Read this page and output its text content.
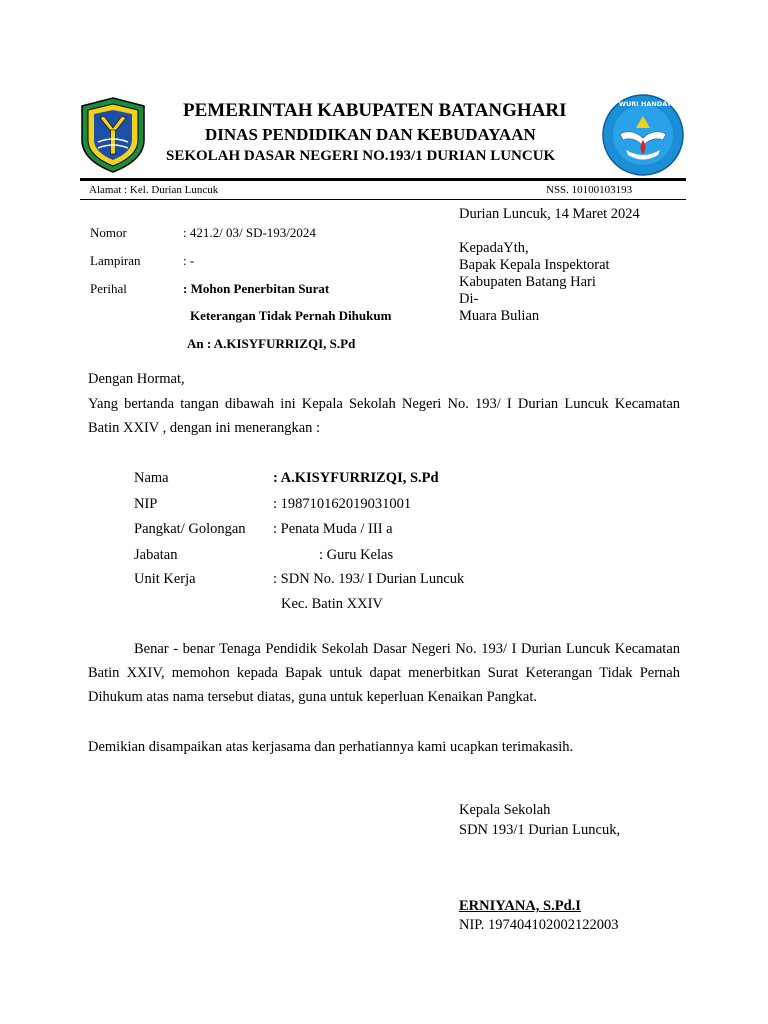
TUT WURI HANDAYANI
PEMERINTAH KABUPATEN BATANGHARI
DINAS PENDIDIKAN DAN KEBUDAYAAN
SEKOLAH DASAR NEGERI NO.193/1 DURIAN LUNCUK
Alamat : Kel. Durian Luncuk	NSS. 10100103193
Durian Luncuk, 14 Maret 2024
Nomor	: 421.2/ 03/ SD-193/2024
Lampiran	: -
Perihal	: Mohon Penerbitan Surat
Keterangan Tidak Pernah Dihukum
An : A.KISYFURRIZQI, S.Pd
KepadaYth,
Bapak Kepala Inspektorat
Kabupaten Batang Hari
Di-
Muara Bulian
Dengan Hormat,
Yang bertanda tangan dibawah ini Kepala Sekolah Negeri No. 193/ I Durian Luncuk Kecamatan Batin XXIV , dengan ini menerangkan :
Nama	: A.KISYFURRIZQI, S.Pd
NIP	: 198710162019031001
Pangkat/ Golongan : Penata Muda / III a
Jabatan	: Guru Kelas
Unit Kerja	: SDN No. 193/ I Durian Luncuk
Kec. Batin XXIV
Benar - benar Tenaga Pendidik Sekolah Dasar Negeri No. 193/ I Durian Luncuk Kecamatan Batin XXIV, memohon kepada Bapak untuk dapat menerbitkan Surat Keterangan Tidak Pernah Dihukum atas nama tersebut diatas, guna untuk keperluan Kenaikan Pangkat.
Demikian disampaikan atas kerjasama dan perhatiannya kami ucapkan terimakasih.
Kepala Sekolah
SDN 193/1 Durian Luncuk,
ERNIYANA, S.Pd.I
NIP. 197404102002122003
